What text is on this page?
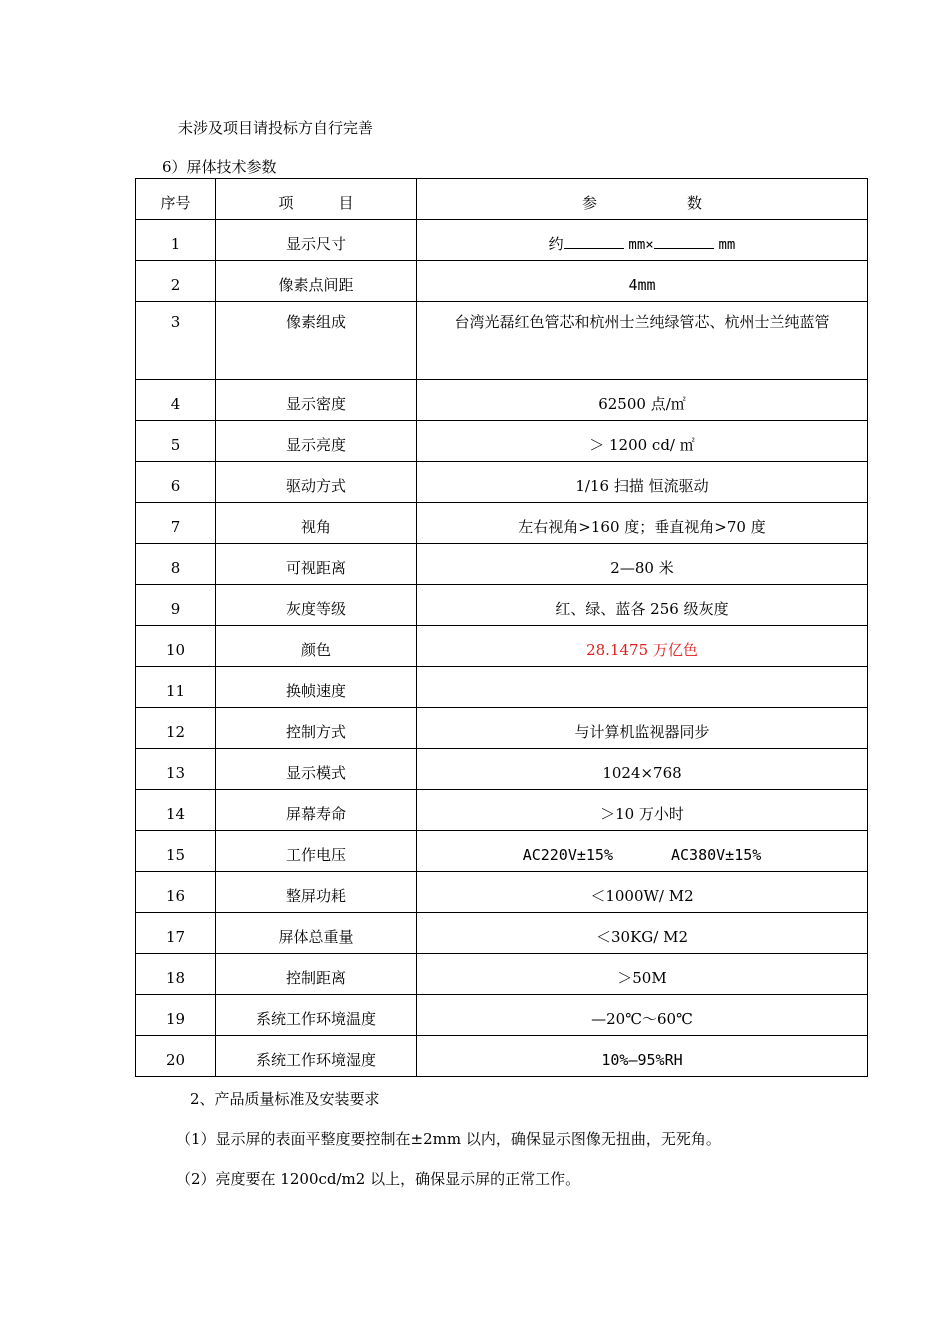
未涉及项目请投标方自行完善
6）屏体技术参数
序号	项　　　目	参　　　　　　数
1	显示尺寸	约 mm× mm
2	像素点间距	4mm
3	像素组成	台湾光磊红色管芯和杭州士兰纯绿管芯、杭州士兰纯蓝管
4	显示密度	62500 点/㎡
5	显示亮度	＞ 1200 cd/ ㎡
6	驱动方式	1/16 扫描 恒流驱动
7	视角	左右视角>160 度；垂直视角>70 度
8	可视距离	2—80 米
9	灰度等级	红、绿、蓝各 256 级灰度
10	颜色	28.1475 万亿色
11	换帧速度	
12	控制方式	与计算机监视器同步
13	显示模式	1024×768
14	屏幕寿命	＞10 万小时
15	工作电压	AC220V±15% AC380V±15%
16	整屏功耗	＜1000W/ M2
17	屏体总重量	＜30KG/ M2
18	控制距离	＞50M
19	系统工作环境温度	—20℃～60℃
20	系统工作环境湿度	10%—95%RH
2、产品质量标准及安装要求
（1）显示屏的表面平整度要控制在±2mm 以内，确保显示图像无扭曲，无死角。
（2）亮度要在 1200cd/m2 以上，确保显示屏的正常工作。
